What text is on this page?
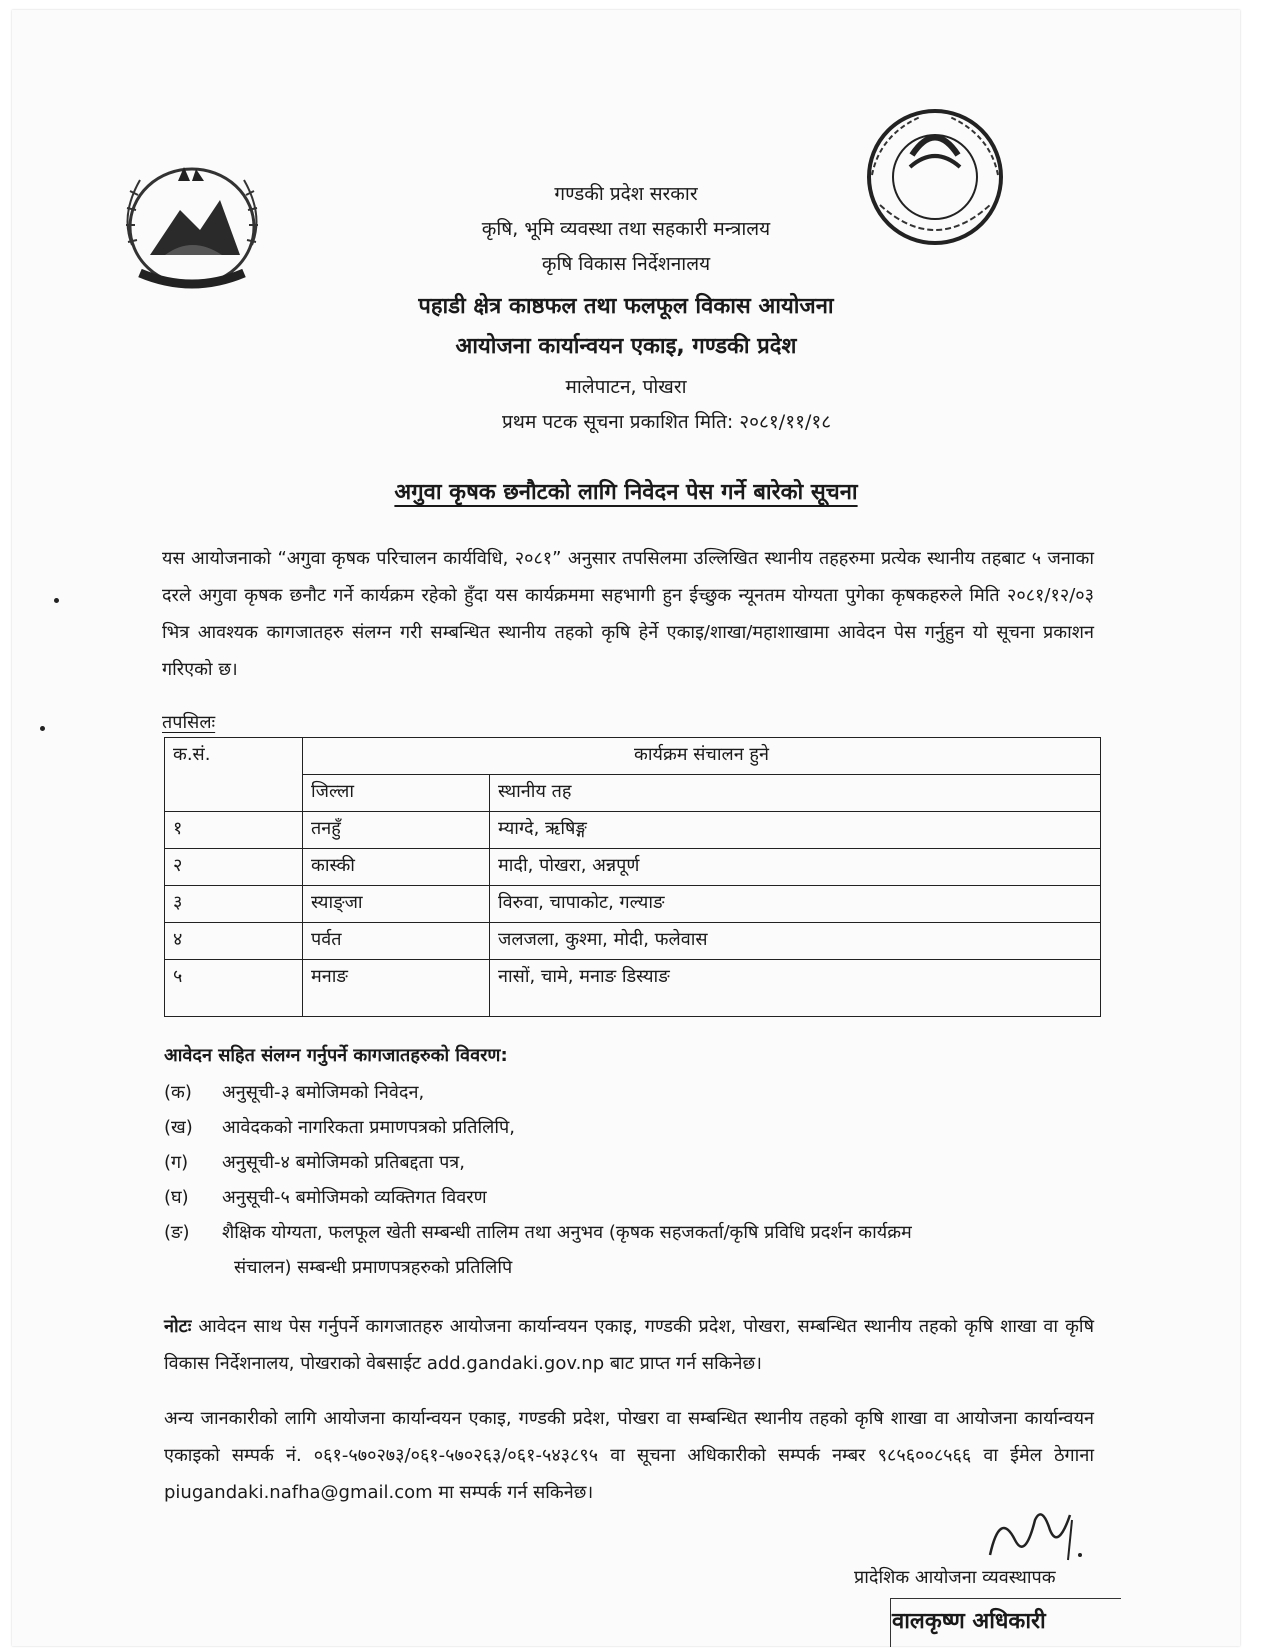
गण्डकी प्रदेश सरकार
कृषि, भूमि व्यवस्था तथा सहकारी मन्त्रालय
कृषि विकास निर्देशनालय
पहाडी क्षेत्र काष्ठफल तथा फलफूल विकास आयोजना
आयोजना कार्यान्वयन एकाइ, गण्डकी प्रदेश
मालेपाटन, पोखरा
प्रथम पटक सूचना प्रकाशित मिति: २०८१/११/१८
अगुवा कृषक छनौटको लागि निवेदन पेस गर्ने बारेको सूचना
यस आयोजनाको “अगुवा कृषक परिचालन कार्यविधि, २०८१” अनुसार तपसिलमा उल्लिखित स्थानीय तहहरुमा प्रत्येक स्थानीय तहबाट ५ जनाका दरले अगुवा कृषक छनौट गर्ने कार्यक्रम रहेको हुँदा यस कार्यक्रममा सहभागी हुन ईच्छुक न्यूनतम योग्यता पुगेका कृषकहरुले मिति २०८१/१२/०३ भित्र आवश्यक कागजातहरु संलग्न गरी सम्बन्धित स्थानीय तहको कृषि हेर्ने एकाइ/शाखा/महाशाखामा आवेदन पेस गर्नुहुन यो सूचना प्रकाशन गरिएको छ।
तपसिलः
क.सं.	कार्यक्रम संचालन हुने	
	जिल्ला	स्थानीय तह
१	तनहुँ	म्याग्दे, ऋषिङ्ग
२	कास्की	मादी, पोखरा, अन्नपूर्ण
३	स्याङ्जा	विरुवा, चापाकोट, गल्याङ
४	पर्वत	जलजला, कुश्मा, मोदी, फलेवास
५	मनाङ	नासों, चामे, मनाङ डिस्याङ
आवेदन सहित संलग्न गर्नुपर्ने कागजातहरुको विवरण:
(क) अनुसूची-३ बमोजिमको निवेदन,
(ख) आवेदकको नागरिकता प्रमाणपत्रको प्रतिलिपि,
(ग) अनुसूची-४ बमोजिमको प्रतिबद्दता पत्र,
(घ) अनुसूची-५ बमोजिमको व्यक्तिगत विवरण
(ङ) शैक्षिक योग्यता, फलफूल खेती सम्बन्धी तालिम तथा अनुभव (कृषक सहजकर्ता/कृषि प्रविधि प्रदर्शन कार्यक्रम
संचालन) सम्बन्धी प्रमाणपत्रहरुको प्रतिलिपि
नोटः आवेदन साथ पेस गर्नुपर्ने कागजातहरु आयोजना कार्यान्वयन एकाइ, गण्डकी प्रदेश, पोखरा, सम्बन्धित स्थानीय तहको कृषि शाखा वा कृषि विकास निर्देशनालय, पोखराको वेबसाईट add.gandaki.gov.np बाट प्राप्त गर्न सकिनेछ।
अन्य जानकारीको लागि आयोजना कार्यान्वयन एकाइ, गण्डकी प्रदेश, पोखरा वा सम्बन्धित स्थानीय तहको कृषि शाखा वा आयोजना कार्यान्वयन एकाइको सम्पर्क नं. ०६१-५७०२७३/०६१-५७०२६३/०६१-५४३८९५ वा सूचना अधिकारीको सम्पर्क नम्बर ९८५६००८५६६ वा ईमेल ठेगाना piugandaki.nafha@gmail.com मा सम्पर्क गर्न सकिनेछ।
प्रादेशिक आयोजना व्यवस्थापक
वालकृष्ण अधिकारी
